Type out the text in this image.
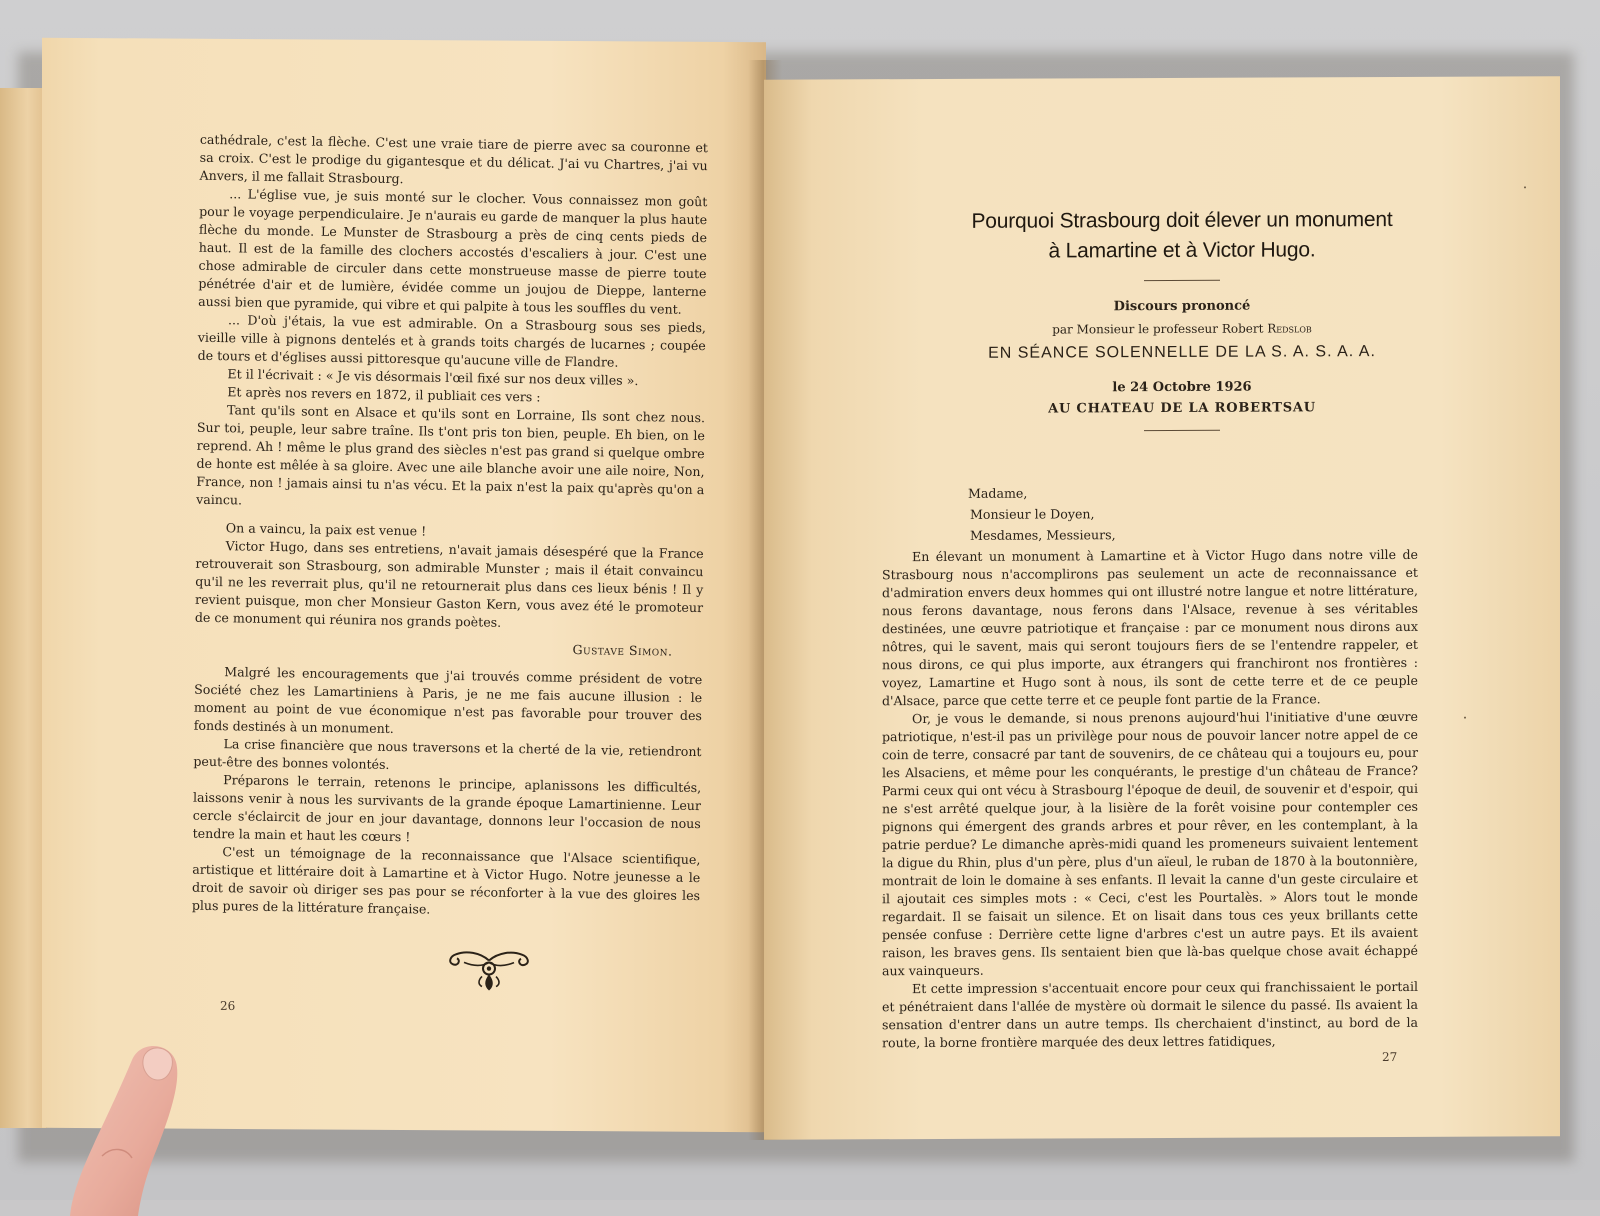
cathédrale, c'est la flèche. C'est une vraie tiare de pierre avec sa couronne et sa croix. C'est le prodige du gigantesque et du délicat. J'ai vu Chartres, j'ai vu Anvers, il me fallait Strasbourg.

... L'église vue, je suis monté sur le clocher. Vous connaissez mon goût pour le voyage perpendiculaire. Je n'aurais eu garde de manquer la plus haute flèche du monde. Le Munster de Strasbourg a près de cinq cents pieds de haut. Il est de la famille des clochers accostés d'escaliers à jour. C'est une chose admirable de circuler dans cette monstrueuse masse de pierre toute pénétrée d'air et de lumière, évidée comme un joujou de Dieppe, lanterne aussi bien que pyramide, qui vibre et qui palpite à tous les souffles du vent.

... D'où j'étais, la vue est admirable. On a Strasbourg sous ses pieds, vieille ville à pignons dentelés et à grands toits chargés de lucarnes ; coupée de tours et d'églises aussi pittoresque qu'aucune ville de Flandre.

Et il l'écrivait : « Je vis désormais l'œil fixé sur nos deux villes ».

Et après nos revers en 1872, il publiait ces vers :

Tant qu'ils sont en Alsace et qu'ils sont en Lorraine, Ils sont chez nous. Sur toi, peuple, leur sabre traîne. Ils t'ont pris ton bien, peuple. Eh bien, on le reprend. Ah ! même le plus grand des siècles n'est pas grand si quelque ombre de honte est mêlée à sa gloire. Avec une aile blanche avoir une aile noire, Non, France, non ! jamais ainsi tu n'as vécu. Et la paix n'est la paix qu'après qu'on a vaincu.

On a vaincu, la paix est venue !

Victor Hugo, dans ses entretiens, n'avait jamais désespéré que la France retrouverait son Strasbourg, son admirable Munster ; mais il était convaincu qu'il ne les reverrait plus, qu'il ne retournerait plus dans ces lieux bénis ! Il y revient puisque, mon cher Monsieur Gaston Kern, vous avez été le promoteur de ce monument qui réunira nos grands poètes.

Gustave Simon.

Malgré les encouragements que j'ai trouvés comme président de votre Société chez les Lamartiniens à Paris, je ne me fais aucune illusion : le moment au point de vue économique n'est pas favorable pour trouver des fonds destinés à un monument.

La crise financière que nous traversons et la cherté de la vie, retiendront peut-être des bonnes volontés.

Préparons le terrain, retenons le principe, aplanissons les difficultés, laissons venir à nous les survivants de la grande époque Lamartinienne. Leur cercle s'éclaircit de jour en jour davantage, donnons leur l'occasion de nous tendre la main et haut les cœurs !

C'est un témoignage de la reconnaissance que l'Alsace scientifique, artistique et littéraire doit à Lamartine et à Victor Hugo. Notre jeunesse a le droit de savoir où diriger ses pas pour se réconforter à la vue des gloires les plus pures de la littérature française.

26
Pourquoi Strasbourg doit élever un monument
à Lamartine et à Victor Hugo.
Discours prononcé
par Monsieur le professeur Robert Redslob
EN SÉANCE SOLENNELLE DE LA S. A. S. A. A.
le 24 Octobre 1926
AU CHATEAU DE LA ROBERTSAU
Madame,
Monsieur le Doyen,
Mesdames, Messieurs,

En élevant un monument à Lamartine et à Victor Hugo dans notre ville de Strasbourg nous n'accomplirons pas seulement un acte de reconnaissance et d'admiration envers deux hommes qui ont illustré notre langue et notre littérature, nous ferons davantage, nous ferons dans l'Alsace, revenue à ses véritables destinées, une œuvre patriotique et française : par ce monument nous dirons aux nôtres, qui le savent, mais qui seront toujours fiers de se l'entendre rappeler, et nous dirons, ce qui plus importe, aux étrangers qui franchiront nos frontières : voyez, Lamartine et Hugo sont à nous, ils sont de cette terre et de ce peuple d'Alsace, parce que cette terre et ce peuple font partie de la France.

Or, je vous le demande, si nous prenons aujourd'hui l'initiative d'une œuvre patriotique, n'est-il pas un privilège pour nous de pouvoir lancer notre appel de ce coin de terre, consacré par tant de souvenirs, de ce château qui a toujours eu, pour les Alsaciens, et même pour les conquérants, le prestige d'un château de France? Parmi ceux qui ont vécu à Strasbourg l'époque de deuil, de souvenir et d'espoir, qui ne s'est arrêté quelque jour, à la lisière de la forêt voisine pour contempler ces pignons qui émergent des grands arbres et pour rêver, en les contemplant, à la patrie perdue? Le dimanche après-midi quand les promeneurs suivaient lentement la digue du Rhin, plus d'un père, plus d'un aïeul, le ruban de 1870 à la boutonnière, montrait de loin le domaine à ses enfants. Il levait la canne d'un geste circulaire et il ajoutait ces simples mots : « Ceci, c'est les Pourtalès. » Alors tout le monde regardait. Il se faisait un silence. Et on lisait dans tous ces yeux brillants cette pensée confuse : Derrière cette ligne d'arbres c'est un autre pays. Et ils avaient raison, les braves gens. Ils sentaient bien que là-bas quelque chose avait échappé aux vainqueurs.

Et cette impression s'accentuait encore pour ceux qui franchissaient le portail et pénétraient dans l'allée de mystère où dormait le silence du passé. Ils avaient la sensation d'entrer dans un autre temps. Ils cherchaient d'instinct, au bord de la route, la borne frontière marquée des deux lettres fatidiques,

27
